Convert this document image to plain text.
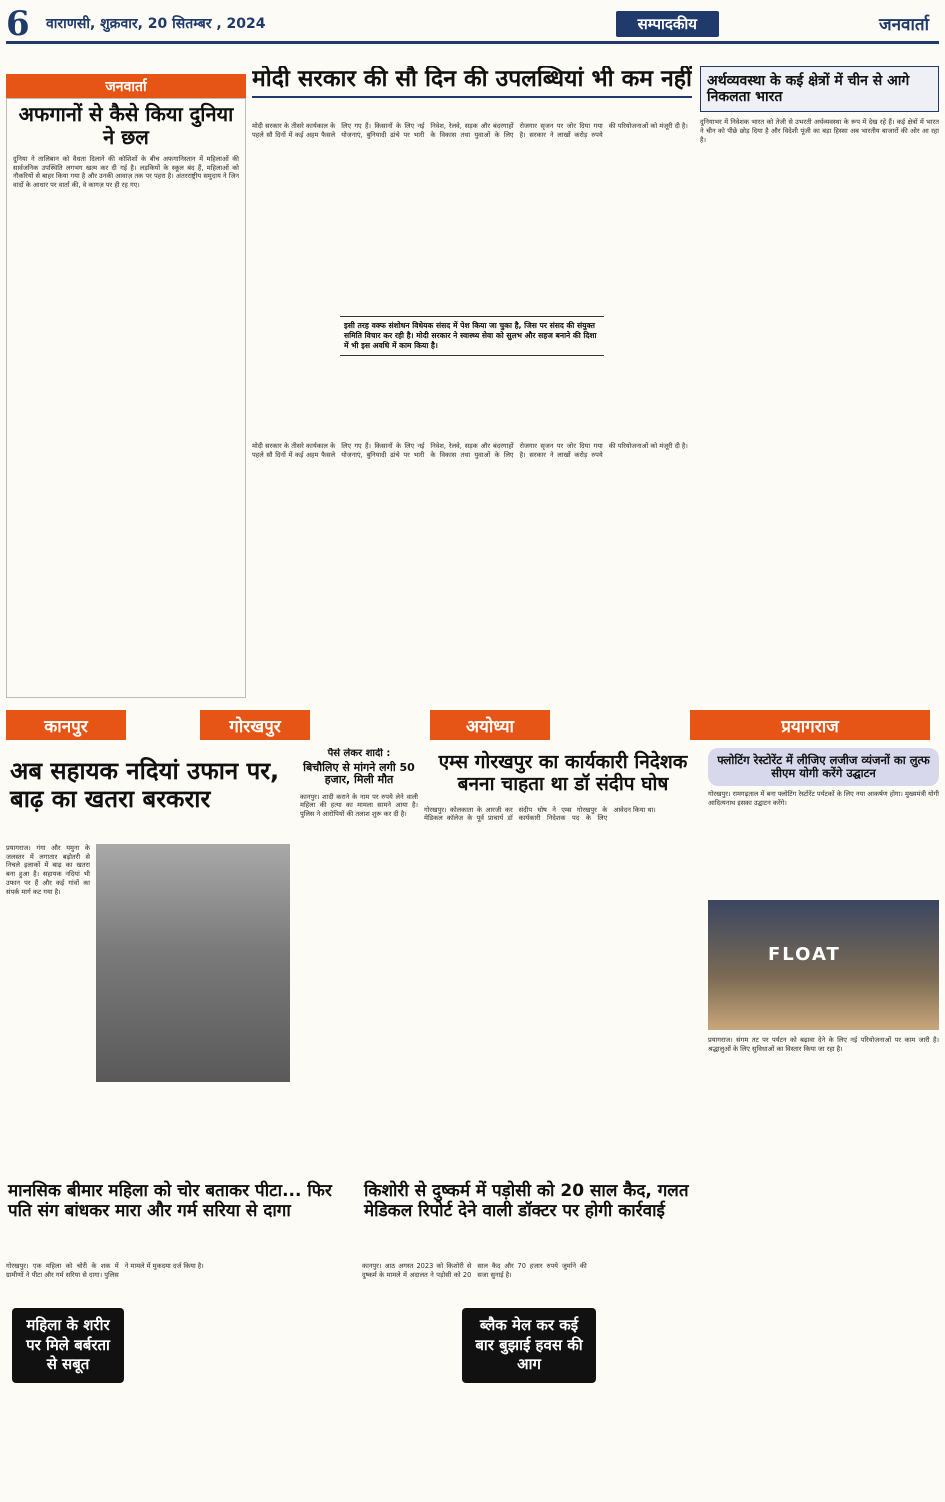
6	वाराणसी, शुक्रवार, 20 सितम्बर , 2024	सम्पादकीय	जनवार्ता
जनवार्ता
अफगानों से कैसे किया दुनिया ने छल
दुनिया ने तालिबान को वैधता दिलाने की कोशिशों के बीच अफगानिस्तान में महिलाओं की सार्वजनिक उपस्थिति लगभग खत्म कर दी गई है। लड़कियों के स्कूल बंद हैं, महिलाओं को नौकरियों से बाहर किया गया है और उनकी आवाज़ तक पर पहरा है। अंतरराष्ट्रीय समुदाय ने जिन वादों के आधार पर वार्ता की, वे कागज़ पर ही रह गए।
मोदी सरकार की सौ दिन की उपलब्धियां भी कम नहीं
मोदी सरकार के तीसरे कार्यकाल के पहले सौ दिनों में कई अहम फैसले लिए गए हैं। किसानों के लिए नई योजनाएं, बुनियादी ढांचे पर भारी निवेश, रेलवे, सड़क और बंदरगाहों के विकास तथा युवाओं के लिए रोजगार सृजन पर जोर दिया गया है। सरकार ने लाखों करोड़ रुपये की परियोजनाओं को मंजूरी दी है।
इसी तरह वक्फ संशोधन विधेयक संसद में पेश किया जा चुका है, जिस पर संसद की संयुक्त समिति विचार कर रही है। मोदी सरकार ने स्वास्थ्य सेवा को सुलभ और सहज बनाने की दिशा में भी इस अवधि में काम किया है।
मोदी सरकार के तीसरे कार्यकाल के पहले सौ दिनों में कई अहम फैसले लिए गए हैं। किसानों के लिए नई योजनाएं, बुनियादी ढांचे पर भारी निवेश, रेलवे, सड़क और बंदरगाहों के विकास तथा युवाओं के लिए रोजगार सृजन पर जोर दिया गया है। सरकार ने लाखों करोड़ रुपये की परियोजनाओं को मंजूरी दी है।
अर्थव्यवस्था के कई क्षेत्रों में चीन से आगे निकलता भारत
दुनियाभर में निवेशक भारत को तेजी से उभरती अर्थव्यवस्था के रूप में देख रहे हैं। कई क्षेत्रों में भारत ने चीन को पीछे छोड़ दिया है और विदेशी पूंजी का बड़ा हिस्सा अब भारतीय बाजारों की ओर आ रहा है।
कानपुर	गोरखपुर	अयोध्या	प्रयागराज
अब सहायक नदियां उफान पर, बाढ़ का खतरा बरकरार
प्रयागराज। गंगा और यमुना के जलस्तर में लगातार बढ़ोतरी से निचले इलाकों में बाढ़ का खतरा बना हुआ है। सहायक नदियां भी उफान पर हैं और कई गांवों का संपर्क मार्ग कट गया है।
पैसे लेकर शादी :
बिचौलिए से मांगने लगी 50 हजार, मिली मौत
कानपुर। शादी कराने के नाम पर रुपये लेने वाली महिला की हत्या का मामला सामने आया है। पुलिस ने आरोपियों की तलाश शुरू कर दी है।
एम्स गोरखपुर का कार्यकारी निदेशक बनना चाहता था डॉ संदीप घोष
गोरखपुर। कोलकाता के आरजी कर मेडिकल कॉलेज के पूर्व प्राचार्य डॉ संदीप घोष ने एम्स गोरखपुर के कार्यकारी निदेशक पद के लिए आवेदन किया था।
फ्लोटिंग रेस्टोरेंट में लीजिए लजीज व्यंजनों का लुत्फ सीएम योगी करेंगे उद्घाटन
गोरखपुर। रामगढ़ताल में बना फ्लोटिंग रेस्टोरेंट पर्यटकों के लिए नया आकर्षण होगा। मुख्यमंत्री योगी आदित्यनाथ इसका उद्घाटन करेंगे।
FLOAT
प्रयागराज। संगम तट पर पर्यटन को बढ़ावा देने के लिए नई परियोजनाओं पर काम जारी है। श्रद्धालुओं के लिए सुविधाओं का विस्तार किया जा रहा है।
मानसिक बीमार महिला को चोर बताकर पीटा... फिर पति संग बांधकर मारा और गर्म सरिया से दागा
गोरखपुर। एक महिला को चोरी के शक में ग्रामीणों ने पीटा और गर्म सरिया से दागा। पुलिस ने मामले में मुकदमा दर्ज किया है।
महिला के शरीर पर मिले बर्बरता से सबूत
किशोरी से दुष्कर्म में पड़ोसी को 20 साल कैद, गलत मेडिकल रिपोर्ट देने वाली डॉक्टर पर होगी कार्रवाई
कानपुर। आठ अगस्त 2023 को किशोरी से दुष्कर्म के मामले में अदालत ने पड़ोसी को 20 साल कैद और 70 हजार रुपये जुर्माने की सजा सुनाई है।
ब्लैक मेल कर कई बार बुझाई हवस की आग
